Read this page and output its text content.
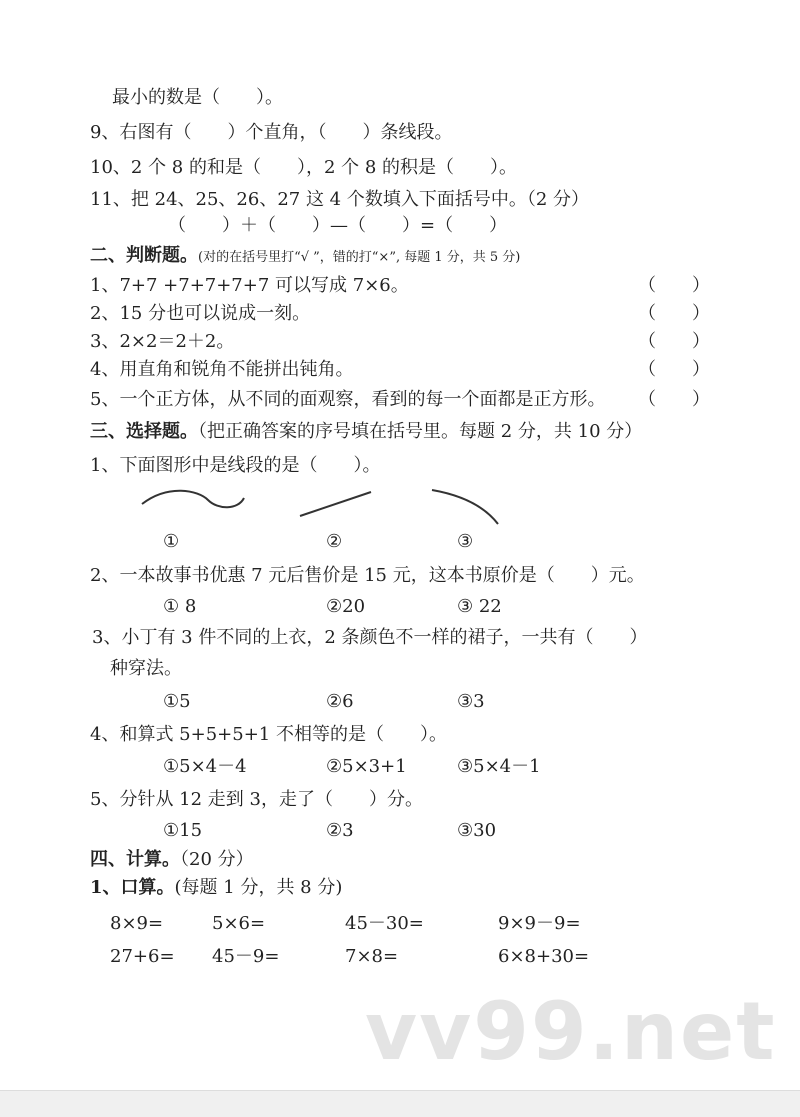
最小的数是（　　）。
9、右图有（　　）个直角，（　　）条线段。
10、2 个 8 的和是（　　），2 个 8 的积是（　　）。
11、把 24、25、26、27 这 4 个数填入下面括号中。（2 分）
（　　）＋（　　）—（　　）=（　　）
二、判断题。(对的在括号里打“√ ”，错的打“×”, 每题 1 分，共 5 分)
1、7+7 +7+7+7+7 可以写成 7×6。	（　　）
2、15 分也可以说成一刻。	（　　）
3、2×2＝2＋2。	（　　）
4、用直角和锐角不能拼出钝角。	（　　）
5、一个正方体，从不同的面观察，看到的每一个面都是正方形。	（　　）
三、选择题。（把正确答案的序号填在括号里。每题 2 分，共 10 分）
1、下面图形中是线段的是（　　）。
①	②	③
2、一本故事书优惠 7 元后售价是 15 元，这本书原价是（　　）元。
① 8	②20	③ 22
3、小丁有 3 件不同的上衣，2 条颜色不一样的裙子，一共有（　　）
种穿法。
①5	②6	③3
4、和算式 5+5+5+1 不相等的是（　　）。
①5×4－4	②5×3+1	③5×4－1
5、分针从 12 走到 3，走了（　　）分。
①15	②3	③30
四、计算。（20 分）
1、口算。(每题 1 分，共 8 分)
8×9=	5×6=	45－30=	9×9－9=
27+6=	45－9=	7×8=	6×8+30=
vv99.net
